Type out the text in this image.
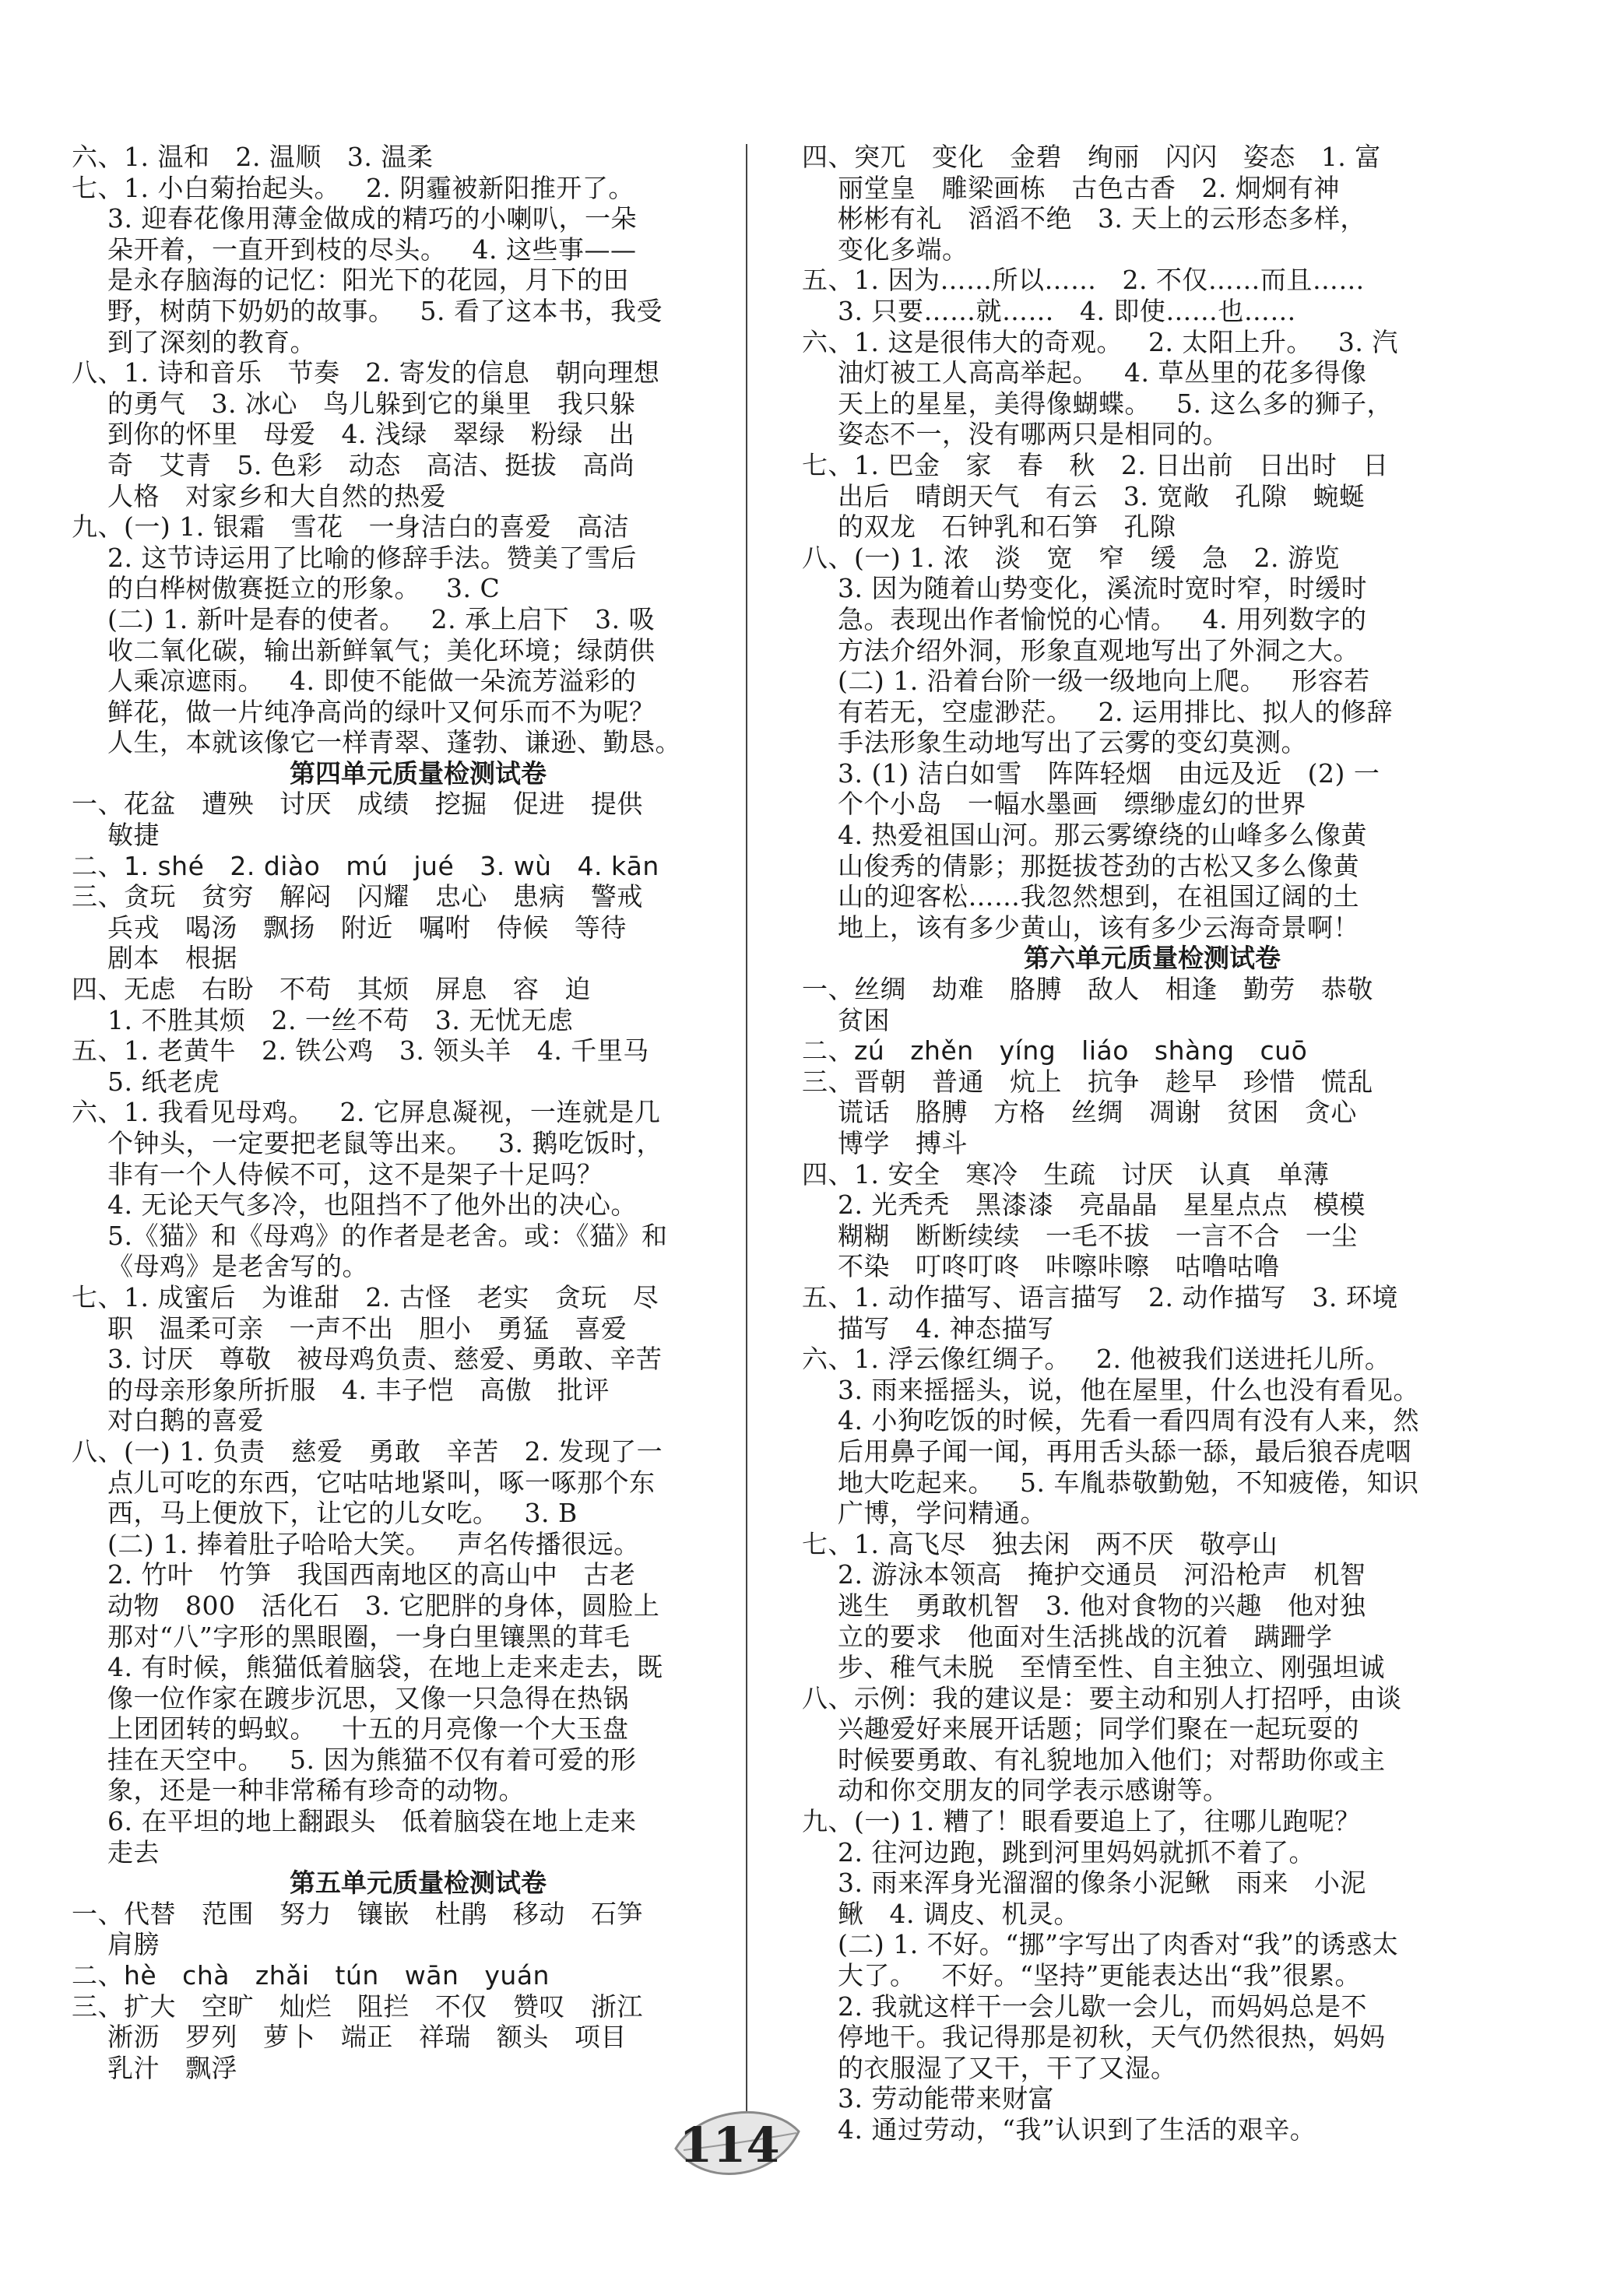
六、1. 温和   2. 温顺   3. 温柔
七、1. 小白菊抬起头。   2. 阴霾被新阳推开了。
3. 迎春花像用薄金做成的精巧的小喇叭，一朵
朵开着，一直开到枝的尽头。   4. 这些事——
是永存脑海的记忆：阳光下的花园，月下的田
野，树荫下奶奶的故事。   5. 看了这本书，我受
到了深刻的教育。
八、1. 诗和音乐   节奏   2. 寄发的信息   朝向理想
的勇气   3. 冰心   鸟儿躲到它的巢里   我只躲
到你的怀里   母爱   4. 浅绿   翠绿   粉绿   出
奇   艾青   5. 色彩   动态   高洁、挺拔   高尚
人格   对家乡和大自然的热爱
九、(一) 1. 银霜   雪花   一身洁白的喜爱   高洁
2. 这节诗运用了比喻的修辞手法。赞美了雪后
的白桦树傲赛挺立的形象。   3. C
(二) 1. 新叶是春的使者。   2. 承上启下   3. 吸
收二氧化碳，输出新鲜氧气；美化环境；绿荫供
人乘凉遮雨。   4. 即使不能做一朵流芳溢彩的
鲜花，做一片纯净高尚的绿叶又何乐而不为呢？
人生，本就该像它一样青翠、蓬勃、谦逊、勤恳。
第四单元质量检测试卷
一、花盆   遭殃   讨厌   成绩   挖掘   促进   提供
敏捷
二、1. shé   2. diào   mú   jué   3. wù   4. kān
三、贪玩   贫穷   解闷   闪耀   忠心   患病   警戒
兵戎   喝汤   飘扬   附近   嘱咐   侍候   等待
剧本   根据
四、无虑   右盼   不苟   其烦   屏息   容   迫
1. 不胜其烦   2. 一丝不苟   3. 无忧无虑
五、1. 老黄牛   2. 铁公鸡   3. 领头羊   4. 千里马
5. 纸老虎
六、1. 我看见母鸡。   2. 它屏息凝视，一连就是几
个钟头，一定要把老鼠等出来。   3. 鹅吃饭时，
非有一个人侍候不可，这不是架子十足吗？
4. 无论天气多冷，也阻挡不了他外出的决心。
5.《猫》和《母鸡》的作者是老舍。或：《猫》和
《母鸡》是老舍写的。
七、1. 成蜜后   为谁甜   2. 古怪   老实   贪玩   尽
职   温柔可亲   一声不出   胆小   勇猛   喜爱
3. 讨厌   尊敬   被母鸡负责、慈爱、勇敢、辛苦
的母亲形象所折服   4. 丰子恺   高傲   批评
对白鹅的喜爱
八、(一) 1. 负责   慈爱   勇敢   辛苦   2. 发现了一
点儿可吃的东西，它咕咕地紧叫，啄一啄那个东
西，马上便放下，让它的儿女吃。   3. B
(二) 1. 捧着肚子哈哈大笑。   声名传播很远。
2. 竹叶   竹笋   我国西南地区的高山中   古老
动物   800   活化石   3. 它肥胖的身体，圆脸上
那对“八”字形的黑眼圈，一身白里镶黑的茸毛
4. 有时候，熊猫低着脑袋，在地上走来走去，既
像一位作家在踱步沉思，又像一只急得在热锅
上团团转的蚂蚁。   十五的月亮像一个大玉盘
挂在天空中。   5. 因为熊猫不仅有着可爱的形
象，还是一种非常稀有珍奇的动物。
6. 在平坦的地上翻跟头   低着脑袋在地上走来
走去
第五单元质量检测试卷
一、代替   范围   努力   镶嵌   杜鹃   移动   石笋
肩膀
二、hè   chà   zhǎi   tún   wān   yuán
三、扩大   空旷   灿烂   阻拦   不仅   赞叹   浙江
淅沥   罗列   萝卜   端正   祥瑞   额头   项目
乳汁   飘浮
四、突兀   变化   金碧   绚丽   闪闪   姿态   1. 富
丽堂皇   雕梁画栋   古色古香   2. 炯炯有神
彬彬有礼   滔滔不绝   3. 天上的云形态多样，
变化多端。
五、1. 因为……所以……   2. 不仅……而且……
3. 只要……就……   4. 即使……也……
六、1. 这是很伟大的奇观。   2. 太阳上升。   3. 汽
油灯被工人高高举起。   4. 草丛里的花多得像
天上的星星，美得像蝴蝶。   5. 这么多的狮子，
姿态不一，没有哪两只是相同的。
七、1. 巴金   家   春   秋   2. 日出前   日出时   日
出后   晴朗天气   有云   3. 宽敞   孔隙   蜿蜒
的双龙   石钟乳和石笋   孔隙
八、(一) 1. 浓   淡   宽   窄   缓   急   2. 游览
3. 因为随着山势变化，溪流时宽时窄，时缓时
急。表现出作者愉悦的心情。   4. 用列数字的
方法介绍外洞，形象直观地写出了外洞之大。
(二) 1. 沿着台阶一级一级地向上爬。   形容若
有若无，空虚渺茫。   2. 运用排比、拟人的修辞
手法形象生动地写出了云雾的变幻莫测。
3. (1) 洁白如雪   阵阵轻烟   由远及近   (2) 一
个个小岛   一幅水墨画   缥缈虚幻的世界
4. 热爱祖国山河。那云雾缭绕的山峰多么像黄
山俊秀的倩影；那挺拔苍劲的古松又多么像黄
山的迎客松……我忽然想到，在祖国辽阔的土
地上，该有多少黄山，该有多少云海奇景啊！
第六单元质量检测试卷
一、丝绸   劫难   胳膊   敌人   相逢   勤劳   恭敬
贫困
二、zú   zhěn   yíng   liáo   shàng   cuō
三、晋朝   普通   炕上   抗争   趁早   珍惜   慌乱
谎话   胳膊   方格   丝绸   凋谢   贫困   贪心
博学   搏斗
四、1. 安全   寒冷   生疏   讨厌   认真   单薄
2. 光秃秃   黑漆漆   亮晶晶   星星点点   模模
糊糊   断断续续   一毛不拔   一言不合   一尘
不染   叮咚叮咚   咔嚓咔嚓   咕噜咕噜
五、1. 动作描写、语言描写   2. 动作描写   3. 环境
描写   4. 神态描写
六、1. 浮云像红绸子。   2. 他被我们送进托儿所。
3. 雨来摇摇头，说，他在屋里，什么也没有看见。
4. 小狗吃饭的时候，先看一看四周有没有人来，然
后用鼻子闻一闻，再用舌头舔一舔，最后狼吞虎咽
地大吃起来。   5. 车胤恭敬勤勉，不知疲倦，知识
广博，学问精通。
七、1. 高飞尽   独去闲   两不厌   敬亭山
2. 游泳本领高   掩护交通员   河沿枪声   机智
逃生   勇敢机智   3. 他对食物的兴趣   他对独
立的要求   他面对生活挑战的沉着   蹒跚学
步、稚气未脱   至情至性、自主独立、刚强坦诚
八、示例：我的建议是：要主动和别人打招呼，由谈
兴趣爱好来展开话题；同学们聚在一起玩耍的
时候要勇敢、有礼貌地加入他们；对帮助你或主
动和你交朋友的同学表示感谢等。
九、(一) 1. 糟了！眼看要追上了，往哪儿跑呢？
2. 往河边跑，跳到河里妈妈就抓不着了。
3. 雨来浑身光溜溜的像条小泥鳅   雨来   小泥
鳅   4. 调皮、机灵。
(二) 1. 不好。“挪”字写出了肉香对“我”的诱惑太
大了。   不好。“坚持”更能表达出“我”很累。
2. 我就这样干一会儿歇一会儿，而妈妈总是不
停地干。我记得那是初秋，天气仍然很热，妈妈
的衣服湿了又干，干了又湿。
3. 劳动能带来财富
4. 通过劳动，“我”认识到了生活的艰辛。
114
